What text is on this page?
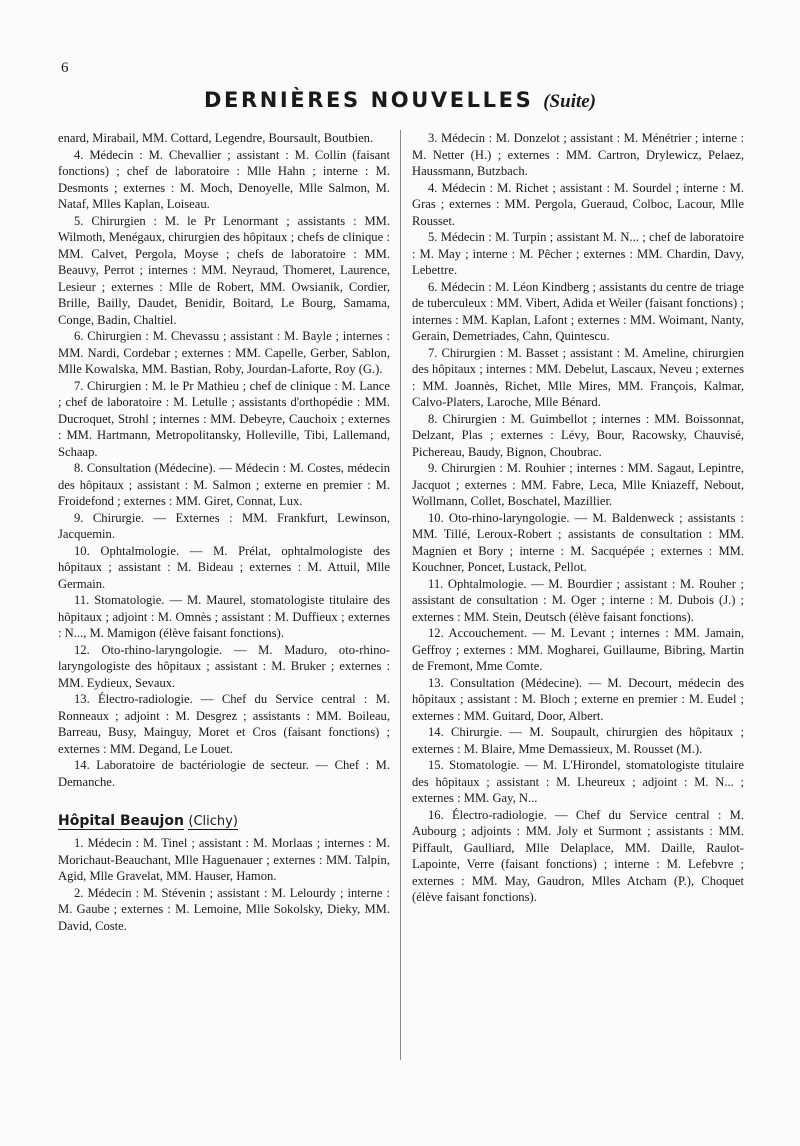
6
DERNIÈRES NOUVELLES (Suite)

enard, Mirabail, MM. Cottard, Legendre, Boursault, Boutbien.

4. Médecin : M. Chevallier ; assistant : M. Collin (faisant fonctions) ; chef de laboratoire : Mlle Hahn ; interne : M. Desmonts ; externes : M. Moch, Denoyelle, Mlle Salmon, M. Nataf, Mlles Kaplan, Loiseau.

5. Chirurgien : M. le Pr Lenormant ; assistants : MM. Wilmoth, Menégaux, chirurgien des hôpitaux ; chefs de clinique : MM. Calvet, Pergola, Moyse ; chefs de laboratoire : MM. Beauvy, Perrot ; internes : MM. Neyraud, Thomeret, Laurence, Lesieur ; externes : Mlle de Robert, MM. Owsianik, Cordier, Brille, Bailly, Daudet, Benidir, Boitard, Le Bourg, Samama, Conge, Badin, Chaltiel.

6. Chirurgien : M. Chevassu ; assistant : M. Bayle ; internes : MM. Nardi, Cordebar ; externes : MM. Capelle, Gerber, Sablon, Mlle Kowalska, MM. Bastian, Roby, Jourdan-Laforte, Roy (G.).

7. Chirurgien : M. le Pr Mathieu ; chef de clinique : M. Lance ; chef de laboratoire : M. Letulle ; assistants d'orthopédie : MM. Ducroquet, Strohl ; internes : MM. Debeyre, Cauchoix ; externes : MM. Hartmann, Metropolitansky, Holleville, Tibi, Lallemand, Schaap.

8. Consultation (Médecine). — Médecin : M. Costes, médecin des hôpitaux ; assistant : M. Salmon ; externe en premier : M. Froidefond ; externes : MM. Giret, Connat, Lux.

9. Chirurgie. — Externes : MM. Frankfurt, Lewinson, Jacquemin.

10. Ophtalmologie. — M. Prélat, ophtalmologiste des hôpitaux ; assistant : M. Bideau ; externes : M. Attuil, Mlle Germain.

11. Stomatologie. — M. Maurel, stomatologiste titulaire des hôpitaux ; adjoint : M. Omnès ; assistant : M. Duffieux ; externes : N..., M. Mamigon (élève faisant fonctions).

12. Oto-rhino-laryngologie. — M. Maduro, oto-rhino-laryngologiste des hôpitaux ; assistant : M. Bruker ; externes : MM. Eydieux, Sevaux.

13. Électro-radiologie. — Chef du Service central : M. Ronneaux ; adjoint : M. Desgrez ; assistants : MM. Boileau, Barreau, Busy, Mainguy, Moret et Cros (faisant fonctions) ; externes : MM. Degand, Le Louet.

14. Laboratoire de bactériologie de secteur. — Chef : M. Demanche.

Hôpital Beaujon (Clichy)

1. Médecin : M. Tinel ; assistant : M. Morlaas ; internes : M. Morichaut-Beauchant, Mlle Haguenauer ; externes : MM. Talpin, Agid, Mlle Gravelat, MM. Hauser, Hamon.

2. Médecin : M. Stévenin ; assistant : M. Lelourdy ; interne : M. Gaube ; externes : M. Lemoine, Mlle Sokolsky, Dieky, MM. David, Coste.

3. Médecin : M. Donzelot ; assistant : M. Ménétrier ; interne : M. Netter (H.) ; externes : MM. Cartron, Drylewicz, Pelaez, Haussmann, Butzbach.

4. Médecin : M. Richet ; assistant : M. Sourdel ; interne : M. Gras ; externes : MM. Pergola, Gueraud, Colboc, Lacour, Mlle Rousset.

5. Médecin : M. Turpin ; assistant M. N... ; chef de laboratoire : M. May ; interne : M. Pêcher ; externes : MM. Chardin, Davy, Lebettre.

6. Médecin : M. Léon Kindberg ; assistants du centre de triage de tuberculeux : MM. Vibert, Adida et Weiler (faisant fonctions) ; internes : MM. Kaplan, Lafont ; externes : MM. Woimant, Nanty, Gerain, Demetriades, Cahn, Quintescu.

7. Chirurgien : M. Basset ; assistant : M. Ameline, chirurgien des hôpitaux ; internes : MM. Debelut, Lascaux, Neveu ; externes : MM. Joannès, Richet, Mlle Mires, MM. François, Kalmar, Calvo-Platers, Laroche, Mlle Bénard.

8. Chirurgien : M. Guimbellot ; internes : MM. Boissonnat, Delzant, Plas ; externes : Lévy, Bour, Racowsky, Chauvisé, Pichereau, Baudy, Bignon, Choubrac.

9. Chirurgien : M. Rouhier ; internes : MM. Sagaut, Lepintre, Jacquot ; externes : MM. Fabre, Leca, Mlle Kniazeff, Nebout, Wollmann, Collet, Boschatel, Mazillier.

10. Oto-rhino-laryngologie. — M. Baldenweck ; assistants : MM. Tillé, Leroux-Robert ; assistants de consultation : MM. Magnien et Bory ; interne : M. Sacquépée ; externes : MM. Kouchner, Poncet, Lustack, Pellot.

11. Ophtalmologie. — M. Bourdier ; assistant : M. Rouher ; assistant de consultation : M. Oger ; interne : M. Dubois (J.) ; externes : MM. Stein, Deutsch (élève faisant fonctions).

12. Accouchement. — M. Levant ; internes : MM. Jamain, Geffroy ; externes : MM. Mogharei, Guillaume, Bibring, Martin de Fremont, Mme Comte.

13. Consultation (Médecine). — M. Decourt, médecin des hôpitaux ; assistant : M. Bloch ; externe en premier : M. Eudel ; externes : MM. Guitard, Door, Albert.

14. Chirurgie. — M. Soupault, chirurgien des hôpitaux ; externes : M. Blaire, Mme Demassieux, M. Rousset (M.).

15. Stomatologie. — M. L'Hirondel, stomatologiste titulaire des hôpitaux ; assistant : M. Lheureux ; adjoint : M. N... ; externes : MM. Gay, N...

16. Électro-radiologie. — Chef du Service central : M. Aubourg ; adjoints : MM. Joly et Surmont ; assistants : MM. Piffault, Gaulliard, Mlle Delaplace, MM. Daille, Raulot-Lapointe, Verre (faisant fonctions) ; interne : M. Lefebvre ; externes : MM. May, Gaudron, Mlles Atcham (P.), Choquet (élève faisant fonctions).
